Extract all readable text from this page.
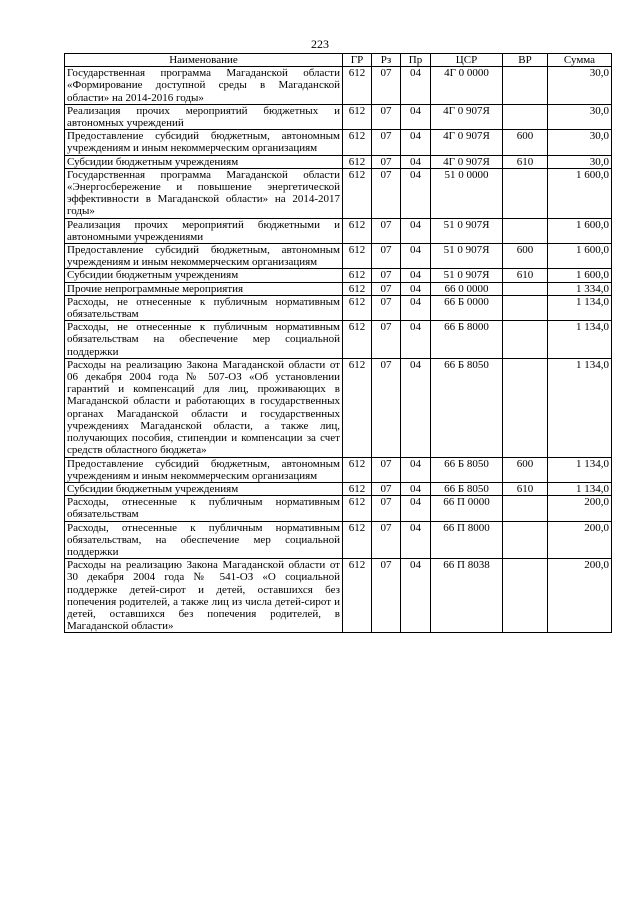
223
Наименование	ГР	Рз	Пр	ЦСР	ВР	Сумма
Государственная программа Магаданской области «Формирование доступной среды в Магаданской области» на 2014-2016 годы»	612	07	04	4Г 0 0000		30,0
Реализация прочих мероприятий бюджетных и автономных учреждений	612	07	04	4Г 0 907Я		30,0
Предоставление субсидий бюджетным, автономным учреждениям и иным некоммерческим организациям	612	07	04	4Г 0 907Я	600	30,0
Субсидии бюджетным учреждениям	612	07	04	4Г 0 907Я	610	30,0
Государственная программа Магаданской области «Энергосбережение и повышение энергетической эффективности в Магаданской области» на 2014-2017 годы»	612	07	04	51 0 0000		1 600,0
Реализация прочих мероприятий бюджетными и автономными учреждениями	612	07	04	51 0 907Я		1 600,0
Предоставление субсидий бюджетным, автономным учреждениям и иным некоммерческим организациям	612	07	04	51 0 907Я	600	1 600,0
Субсидии бюджетным учреждениям	612	07	04	51 0 907Я	610	1 600,0
Прочие непрограммные мероприятия	612	07	04	66 0 0000		1 334,0
Расходы, не отнесенные к публичным нормативным обязательствам	612	07	04	66 Б 0000		1 134,0
Расходы, не отнесенные к публичным нормативным обязательствам на обеспечение мер социальной поддержки	612	07	04	66 Б 8000		1 134,0
Расходы на реализацию Закона Магаданской области от 06 декабря 2004 года № 507-ОЗ «Об установлении гарантий и компенсаций для лиц, проживающих в Магаданской области и работающих в государственных органах Магаданской области и государственных учреждениях Магаданской области, а также лиц, получающих пособия, стипендии и компенсации за счет средств областного бюджета»	612	07	04	66 Б 8050		1 134,0
Предоставление субсидий бюджетным, автономным учреждениям и иным некоммерческим организациям	612	07	04	66 Б 8050	600	1 134,0
Субсидии бюджетным учреждениям	612	07	04	66 Б 8050	610	1 134,0
Расходы, отнесенные к публичным нормативным обязательствам	612	07	04	66 П 0000		200,0
Расходы, отнесенные к публичным нормативным обязательствам, на обеспечение мер социальной поддержки	612	07	04	66 П 8000		200,0
Расходы на реализацию Закона Магаданской области от 30 декабря 2004 года № 541-ОЗ «О социальной поддержке детей-сирот и детей, оставшихся без попечения родителей, а также лиц из числа детей-сирот и детей, оставшихся без попечения родителей, в Магаданской области»	612	07	04	66 П 8038		200,0
